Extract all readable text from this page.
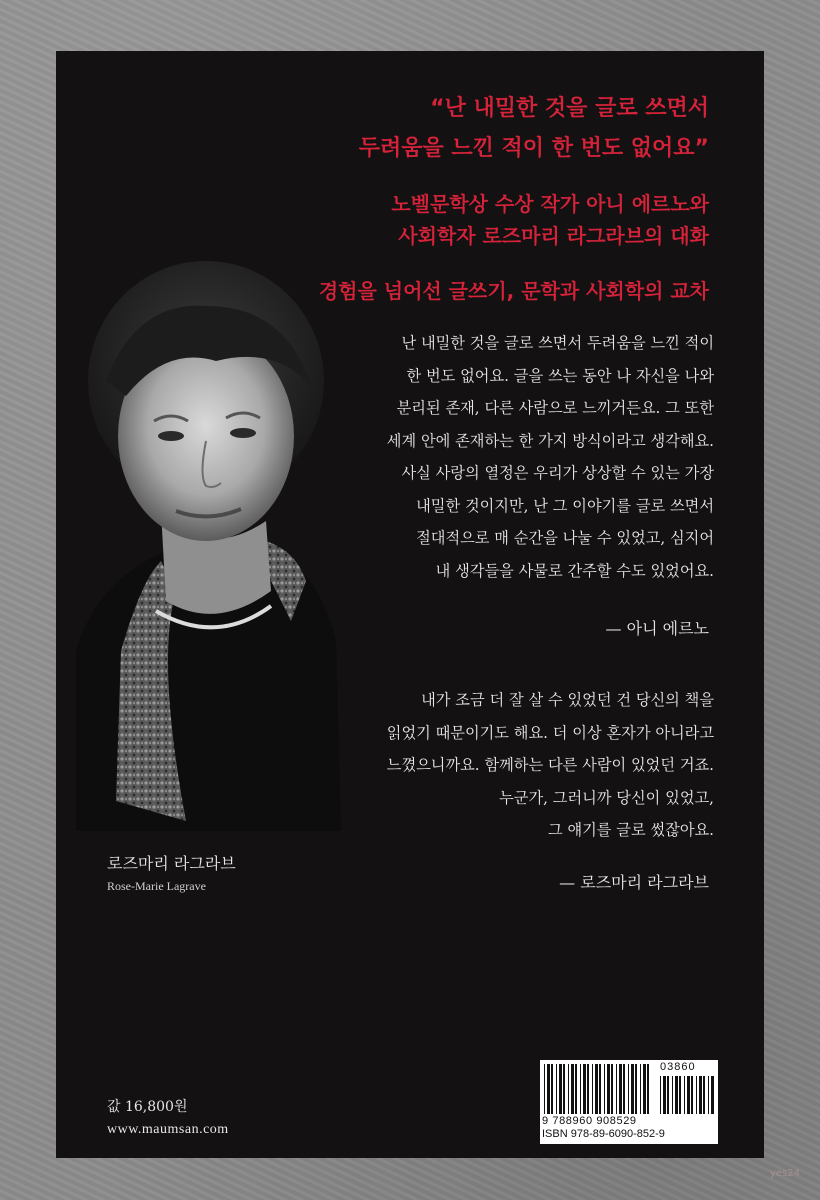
“난 내밀한 것을 글로 쓰면서
두려움을 느낀 적이 한 번도 없어요”
노벨문학상 수상 작가 아니 에르노와
사회학자 로즈마리 라그라브의 대화
경험을 넘어선 글쓰기, 문학과 사회학의 교차
난 내밀한 것을 글로 쓰면서 두려움을 느낀 적이
한 번도 없어요. 글을 쓰는 동안 나 자신을 나와
분리된 존재, 다른 사람으로 느끼거든요. 그 또한
세계 안에 존재하는 한 가지 방식이라고 생각해요.
사실 사랑의 열정은 우리가 상상할 수 있는 가장
내밀한 것이지만, 난 그 이야기를 글로 쓰면서
절대적으로 매 순간을 나눌 수 있었고, 심지어
내 생각들을 사물로 간주할 수도 있었어요.
— 아니 에르노
내가 조금 더 잘 살 수 있었던 건 당신의 책을
읽었기 때문이기도 해요. 더 이상 혼자가 아니라고
느꼈으니까요. 함께하는 다른 사람이 있었던 거죠.
누군가, 그러니까 당신이 있었고,
그 얘기를 글로 썼잖아요.
— 로즈마리 라그라브
로즈마리 라그라브
Rose-Marie Lagrave
값 16,800원
www.maumsan.com
03860
9 788960 908529
ISBN 978-89-6090-852-9
yes24
